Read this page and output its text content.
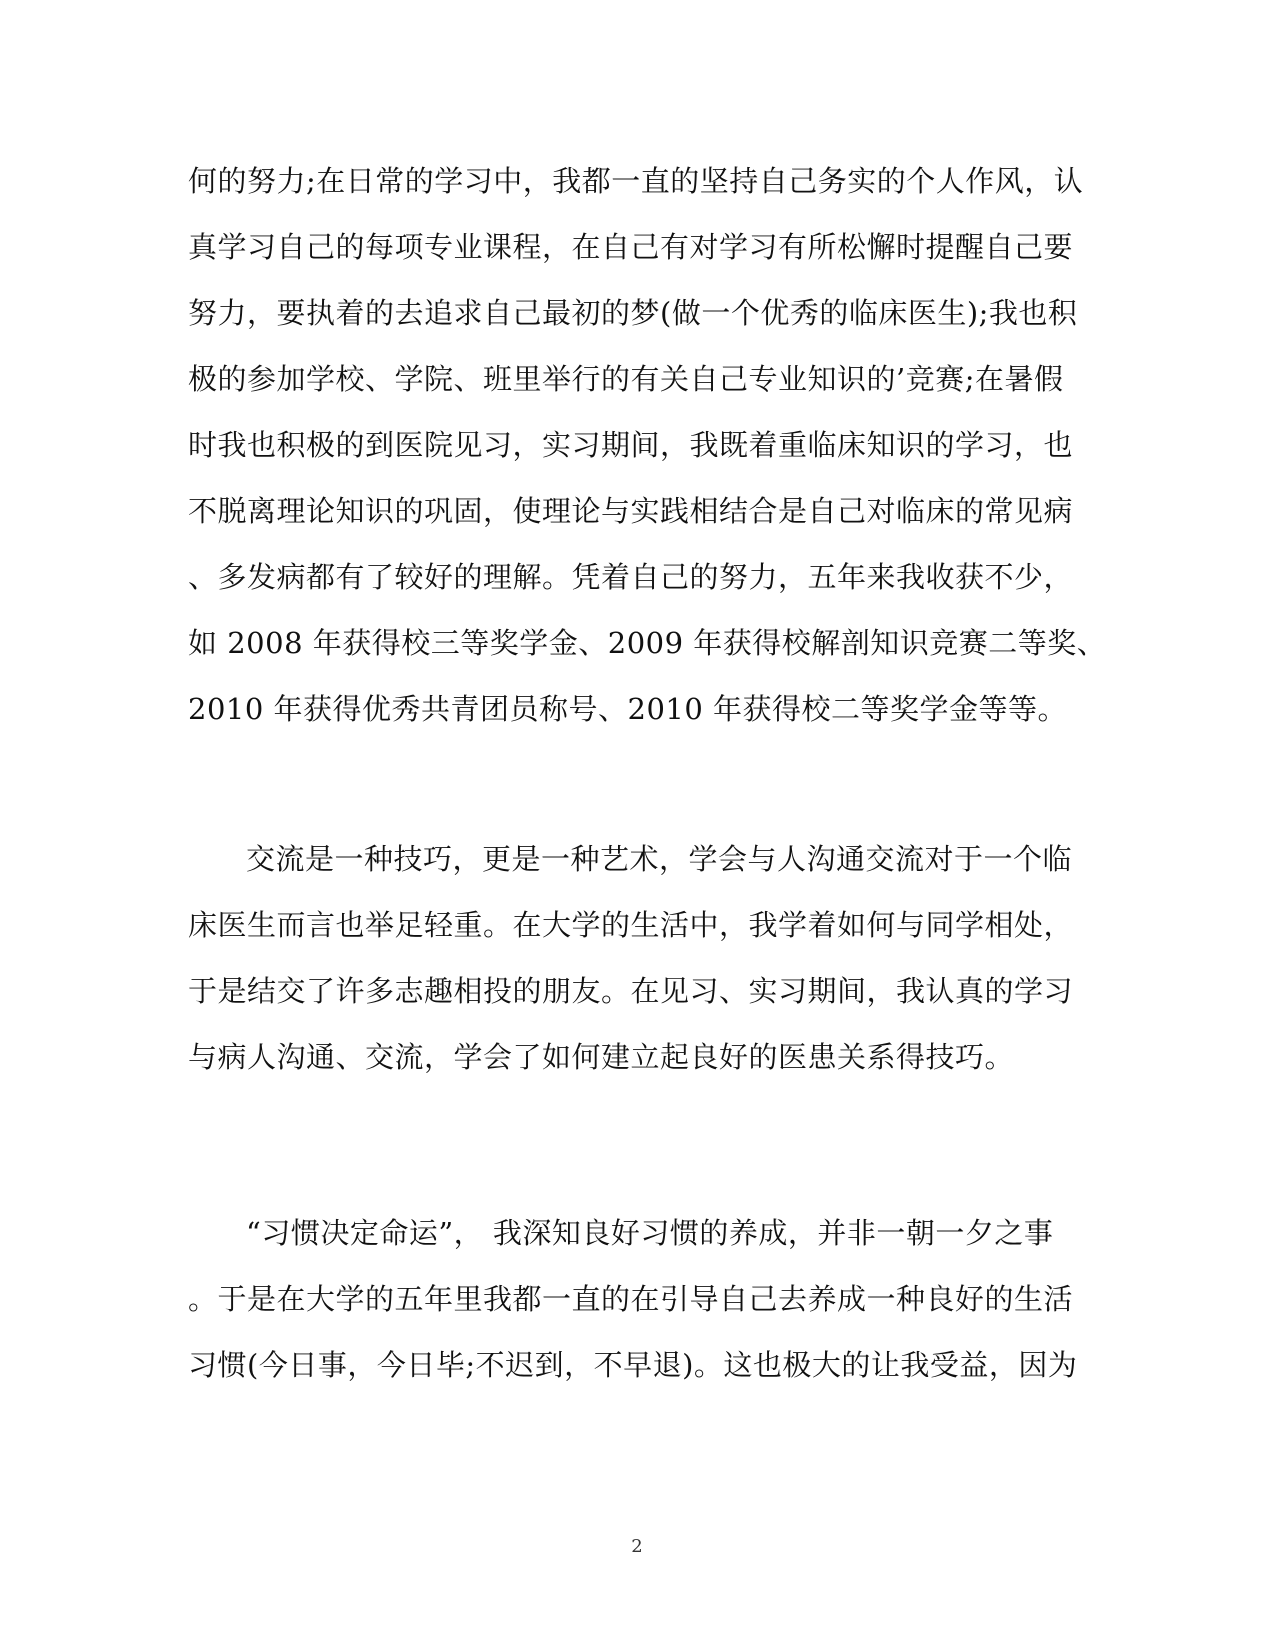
何的努力;在日常的学习中，我都一直的坚持自己务实的个人作风，认
真学习自己的每项专业课程，在自己有对学习有所松懈时提醒自己要
努力，要执着的去追求自己最初的梦(做一个优秀的临床医生);我也积
极的参加学校、学院、班里举行的有关自己专业知识的’竞赛;在暑假
时我也积极的到医院见习，实习期间，我既着重临床知识的学习，也
不脱离理论知识的巩固，使理论与实践相结合是自己对临床的常见病
、多发病都有了较好的理解。凭着自己的努力，五年来我收获不少，
如 2008 年获得校三等奖学金、2009 年获得校解剖知识竞赛二等奖、
2010 年获得优秀共青团员称号、2010 年获得校二等奖学金等等。
交流是一种技巧，更是一种艺术，学会与人沟通交流对于一个临
床医生而言也举足轻重。在大学的生活中，我学着如何与同学相处，
于是结交了许多志趣相投的朋友。在见习、实习期间，我认真的学习
与病人沟通、交流，学会了如何建立起良好的医患关系得技巧。
“习惯决定命运”， 我深知良好习惯的养成，并非一朝一夕之事
。于是在大学的五年里我都一直的在引导自己去养成一种良好的生活
习惯(今日事，今日毕;不迟到，不早退)。这也极大的让我受益，因为
2
